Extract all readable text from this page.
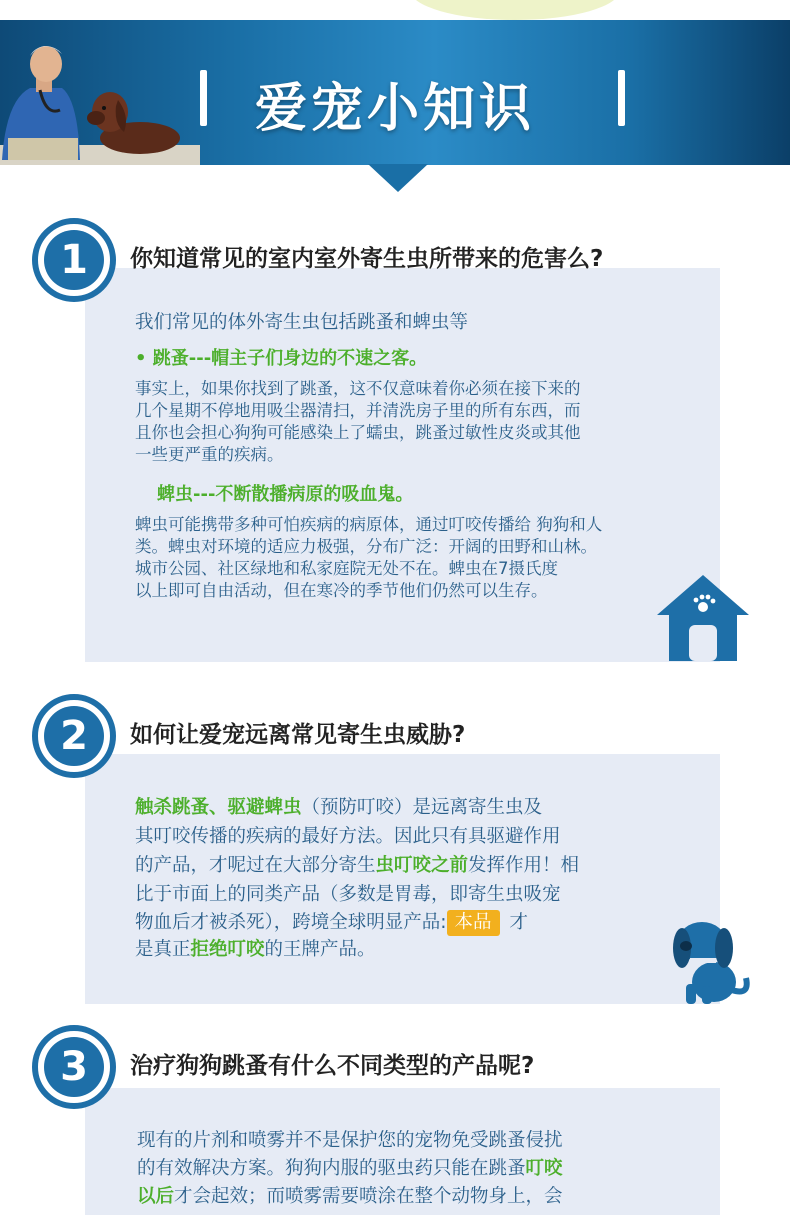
爱宠小知识
1	你知道常见的室内室外寄生虫所带来的危害么?
我们常见的体外寄生虫包括跳蚤和蜱虫等
• 跳蚤---帽主子们身边的不速之客。
事实上，如果你找到了跳蚤，这不仅意味着你必须在接下来的
几个星期不停地用吸尘器清扫，并清洗房子里的所有东西，而
且你也会担心狗狗可能感染上了蠕虫，跳蚤过敏性皮炎或其他
一些更严重的疾病。
蜱虫---不断散播病原的吸血鬼。
蜱虫可能携带多种可怕疾病的病原体，通过叮咬传播给 狗狗和人
类。蜱虫对环境的适应力极强，分布广泛：开阔的田野和山林。
城市公园、社区绿地和私家庭院无处不在。蜱虫在7摄氏度
以上即可自由活动，但在寒冷的季节他们仍然可以生存。
2	如何让爱宠远离常见寄生虫威胁?
触杀跳蚤、驱避蜱虫（预防叮咬）是远离寄生虫及
其叮咬传播的疾病的最好方法。因此只有具驱避作用
的产品，才呢过在大部分寄生虫叮咬之前发挥作用！相
比于市面上的同类产品（多数是胃毒，即寄生虫吸宠
物血后才被杀死），跨境全球明显产品: 本品 才
是真正拒绝叮咬的王牌产品。
3	治疗狗狗跳蚤有什么不同类型的产品呢?
现有的片剂和喷雾并不是保护您的宠物免受跳蚤侵扰
的有效解决方案。狗狗内服的驱虫药只能在跳蚤叮咬
以后才会起效；而喷雾需要喷涂在整个动物身上，会
